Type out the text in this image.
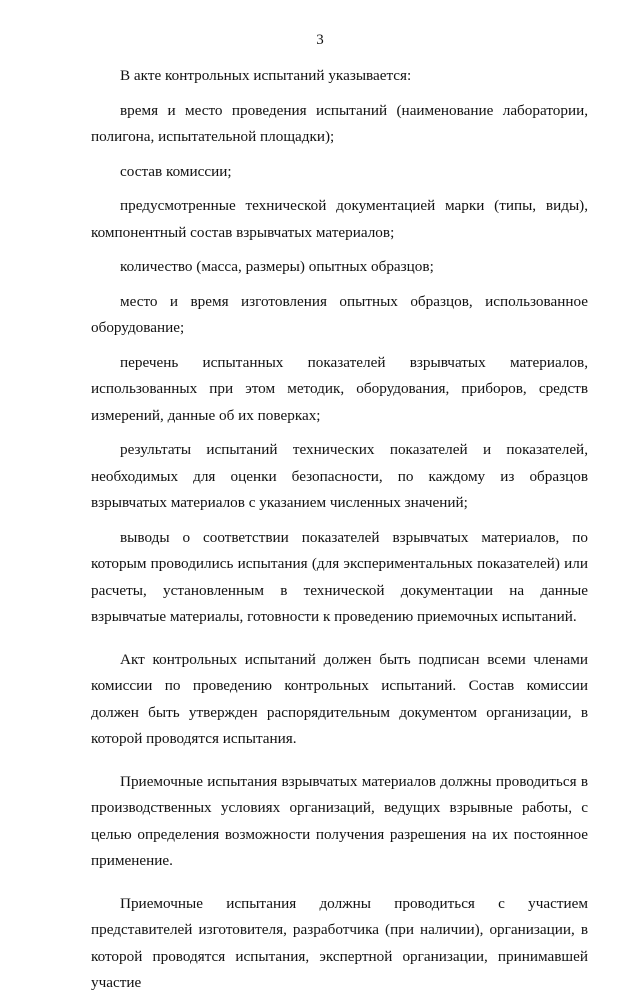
3

В акте контрольных испытаний указывается:

время и место проведения испытаний (наименование лаборатории, полигона, испытательной площадки);

состав комиссии;

предусмотренные технической документацией марки (типы, виды), компонентный состав взрывчатых материалов;

количество (масса, размеры) опытных образцов;

место и время изготовления опытных образцов, использованное оборудование;

перечень испытанных показателей взрывчатых материалов, использованных при этом методик, оборудования, приборов, средств измерений, данные об их поверках;

результаты испытаний технических показателей и показателей, необходимых для оценки безопасности, по каждому из образцов взрывчатых материалов с указанием численных значений;

выводы о соответствии показателей взрывчатых материалов, по которым проводились испытания (для экспериментальных показателей) или расчеты, установленным в технической документации на данные взрывчатые материалы, готовности к проведению приемочных испытаний.

Акт контрольных испытаний должен быть подписан всеми членами комиссии по проведению контрольных испытаний. Состав комиссии должен быть утвержден распорядительным документом организации, в которой проводятся испытания.

Приемочные испытания взрывчатых материалов должны проводиться в производственных условиях организаций, ведущих взрывные работы, с целью определения возможности получения разрешения на их постоянное применение.

Приемочные испытания должны проводиться с участием представителей изготовителя, разработчика (при наличии), организации, в которой проводятся испытания, экспертной организации, принимавшей участие
